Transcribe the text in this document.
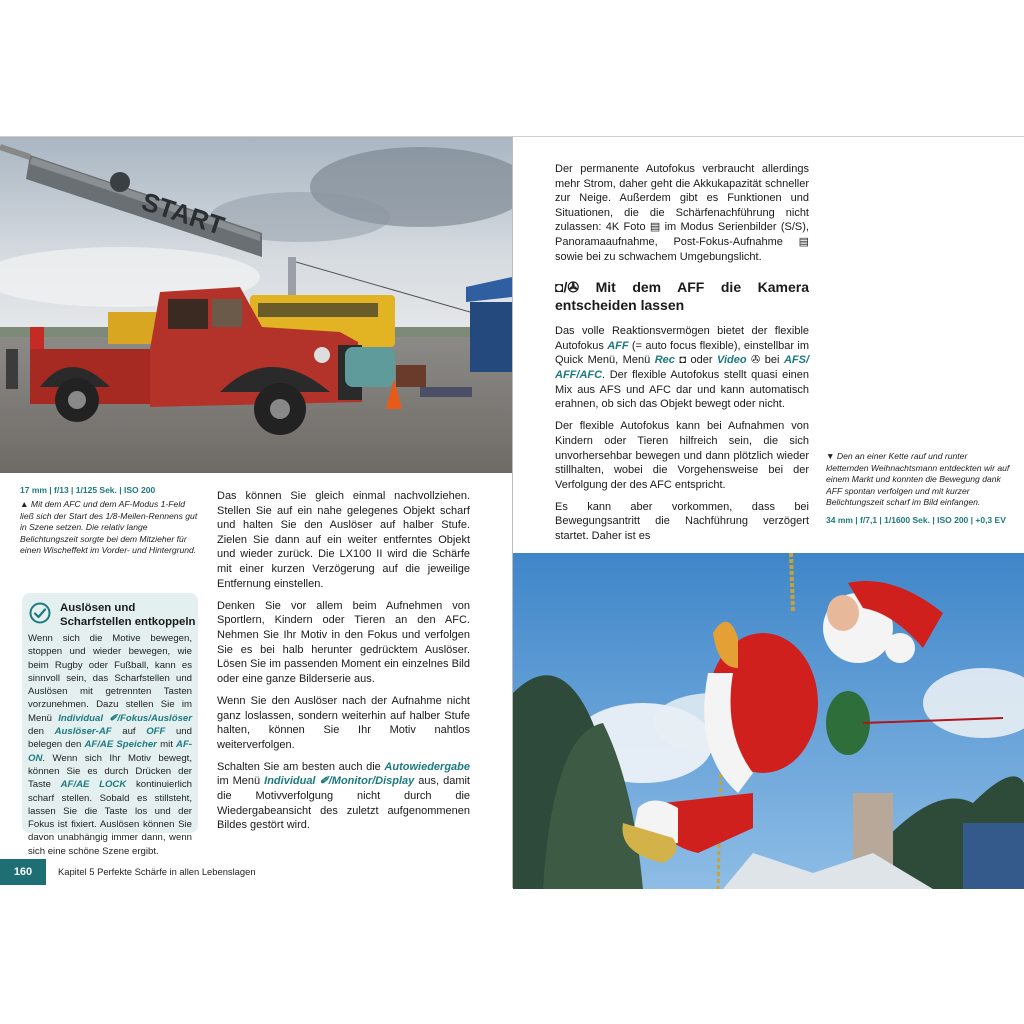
START
17 mm | f/13 | 1/125 Sek. | ISO 200
▲ Mit dem AFC und dem AF-Modus 1-Feld ließ sich der Start des 1/8-Meilen-Rennens gut in Szene setzen. Die relativ lange Belichtungszeit sorgte bei dem Mitzieher für einen Wischeffekt im Vorder- und Hintergrund.
Auslösen und Scharfstellen entkoppeln
Wenn sich die Motive bewegen, stoppen und wieder bewegen, wie beim Rugby oder Fußball, kann es sinnvoll sein, das Scharfstellen und Auslösen mit getrennten Tasten vorzunehmen. Dazu stellen Sie im Menü Individual ✐/Fokus/Auslöser den Auslöser-AF auf OFF und belegen den AF/AE Speicher mit AF-ON. Wenn sich Ihr Motiv bewegt, können Sie es durch Drücken der Taste AF/AE LOCK kontinuierlich scharf stellen. Sobald es stillsteht, lassen Sie die Taste los und der Fokus ist fixiert. Auslösen können Sie davon unabhängig immer dann, wenn sich eine schöne Szene ergibt.

Das können Sie gleich einmal nachvollziehen. Stellen Sie auf ein nahe gelegenes Objekt scharf und halten Sie den Auslöser auf halber Stufe. Zielen Sie dann auf ein weiter entferntes Objekt und wieder zurück. Die LX100 II wird die Schärfe mit einer kurzen Verzögerung auf die jeweilige Entfernung einstellen.

Denken Sie vor allem beim Aufnehmen von Sportlern, Kindern oder Tieren an den AFC. Nehmen Sie Ihr Motiv in den Fokus und verfolgen Sie es bei halb herunter gedrücktem Auslöser. Lösen Sie im passenden Moment ein einzelnes Bild oder eine ganze Bilderserie aus.

Wenn Sie den Auslöser nach der Aufnahme nicht ganz loslassen, sondern weiterhin auf halber Stufe halten, können Sie Ihr Motiv nahtlos weiterverfolgen.

Schalten Sie am besten auch die Autowiedergabe im Menü Individual ✐/Monitor/Display aus, damit die Motivverfolgung nicht durch die Wiedergabeansicht des zuletzt aufgenommenen Bildes gestört wird.

160	Kapitel 5 Perfekte Schärfe in allen Lebenslagen

Der permanente Autofokus verbraucht allerdings mehr Strom, daher geht die Akkukapazität schneller zur Neige. Außerdem gibt es Funktionen und Situationen, die die Schärfenachführung nicht zulassen: 4K Foto ▤ im Modus Serienbilder (S/S), Panoramaaufnahme, Post-Fokus-Aufnahme ▤ sowie bei zu schwachem Umgebungslicht.

◘/✇ Mit dem AFF die Kamera entscheiden lassen

Das volle Reaktionsvermögen bietet der flexible Autofokus AFF (= auto focus flexible), einstellbar im Quick Menü, Menü Rec ◘ oder Video ✇ bei AFS/ AFF/AFC. Der flexible Autofokus stellt quasi einen Mix aus AFS und AFC dar und kann automatisch erahnen, ob sich das Objekt bewegt oder nicht.

Der flexible Autofokus kann bei Aufnahmen von Kindern oder Tieren hilfreich sein, die sich unvorhersehbar bewegen und dann plötzlich wieder stillhalten, wobei die Vorgehensweise bei der Verfolgung der des AFC entspricht.

Es kann aber vorkommen, dass bei Bewegungsantritt die Nachführung verzögert startet. Daher ist es

▼ Den an einer Kette rauf und runter kletternden Weihnachtsmann entdeckten wir auf einem Markt und konnten die Bewegung dank AFF spontan verfolgen und mit kurzer Belichtungszeit scharf im Bild einfangen.
34 mm | f/7,1 | 1/1600 Sek. | ISO 200 | +0,3 EV
